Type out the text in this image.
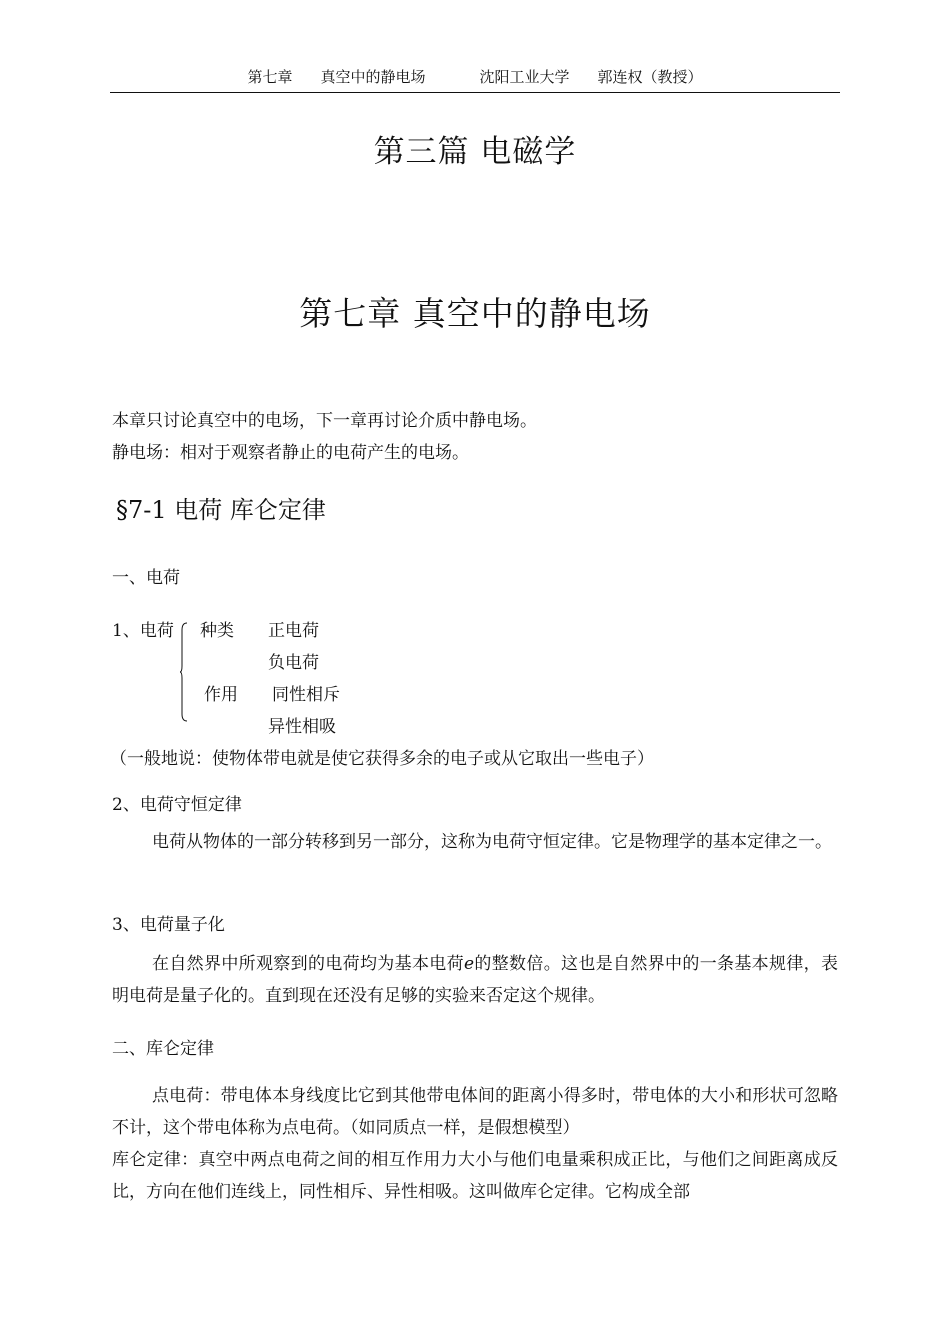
第七章 真空中的静电场	沈阳工业大学 郭连权（教授）
第三篇 电磁学
第七章 真空中的静电场
本章只讨论真空中的电场，下一章再讨论介质中静电场。
静电场：相对于观察者静止的电荷产生的电场。
§7-1 电荷 库仑定律
一、电荷
1、电荷 种类 正电荷
负电荷
作用 同性相斥
异性相吸
（一般地说：使物体带电就是使它获得多余的电子或从它取出一些电子）
2、电荷守恒定律
电荷从物体的一部分转移到另一部分，这称为电荷守恒定律。它是物理学的基本定律之一。
3、电荷量子化
在自然界中所观察到的电荷均为基本电荷e的整数倍。这也是自然界中的一条基本规律，表明电荷是量子化的。直到现在还没有足够的实验来否定这个规律。
二、库仑定律
点电荷：带电体本身线度比它到其他带电体间的距离小得多时，带电体的大小和形状可忽略不计，这个带电体称为点电荷。（如同质点一样，是假想模型）
库仑定律：真空中两点电荷之间的相互作用力大小与他们电量乘积成正比，与他们之间距离成反比，方向在他们连线上，同性相斥、异性相吸。这叫做库仑定律。它构成全部
